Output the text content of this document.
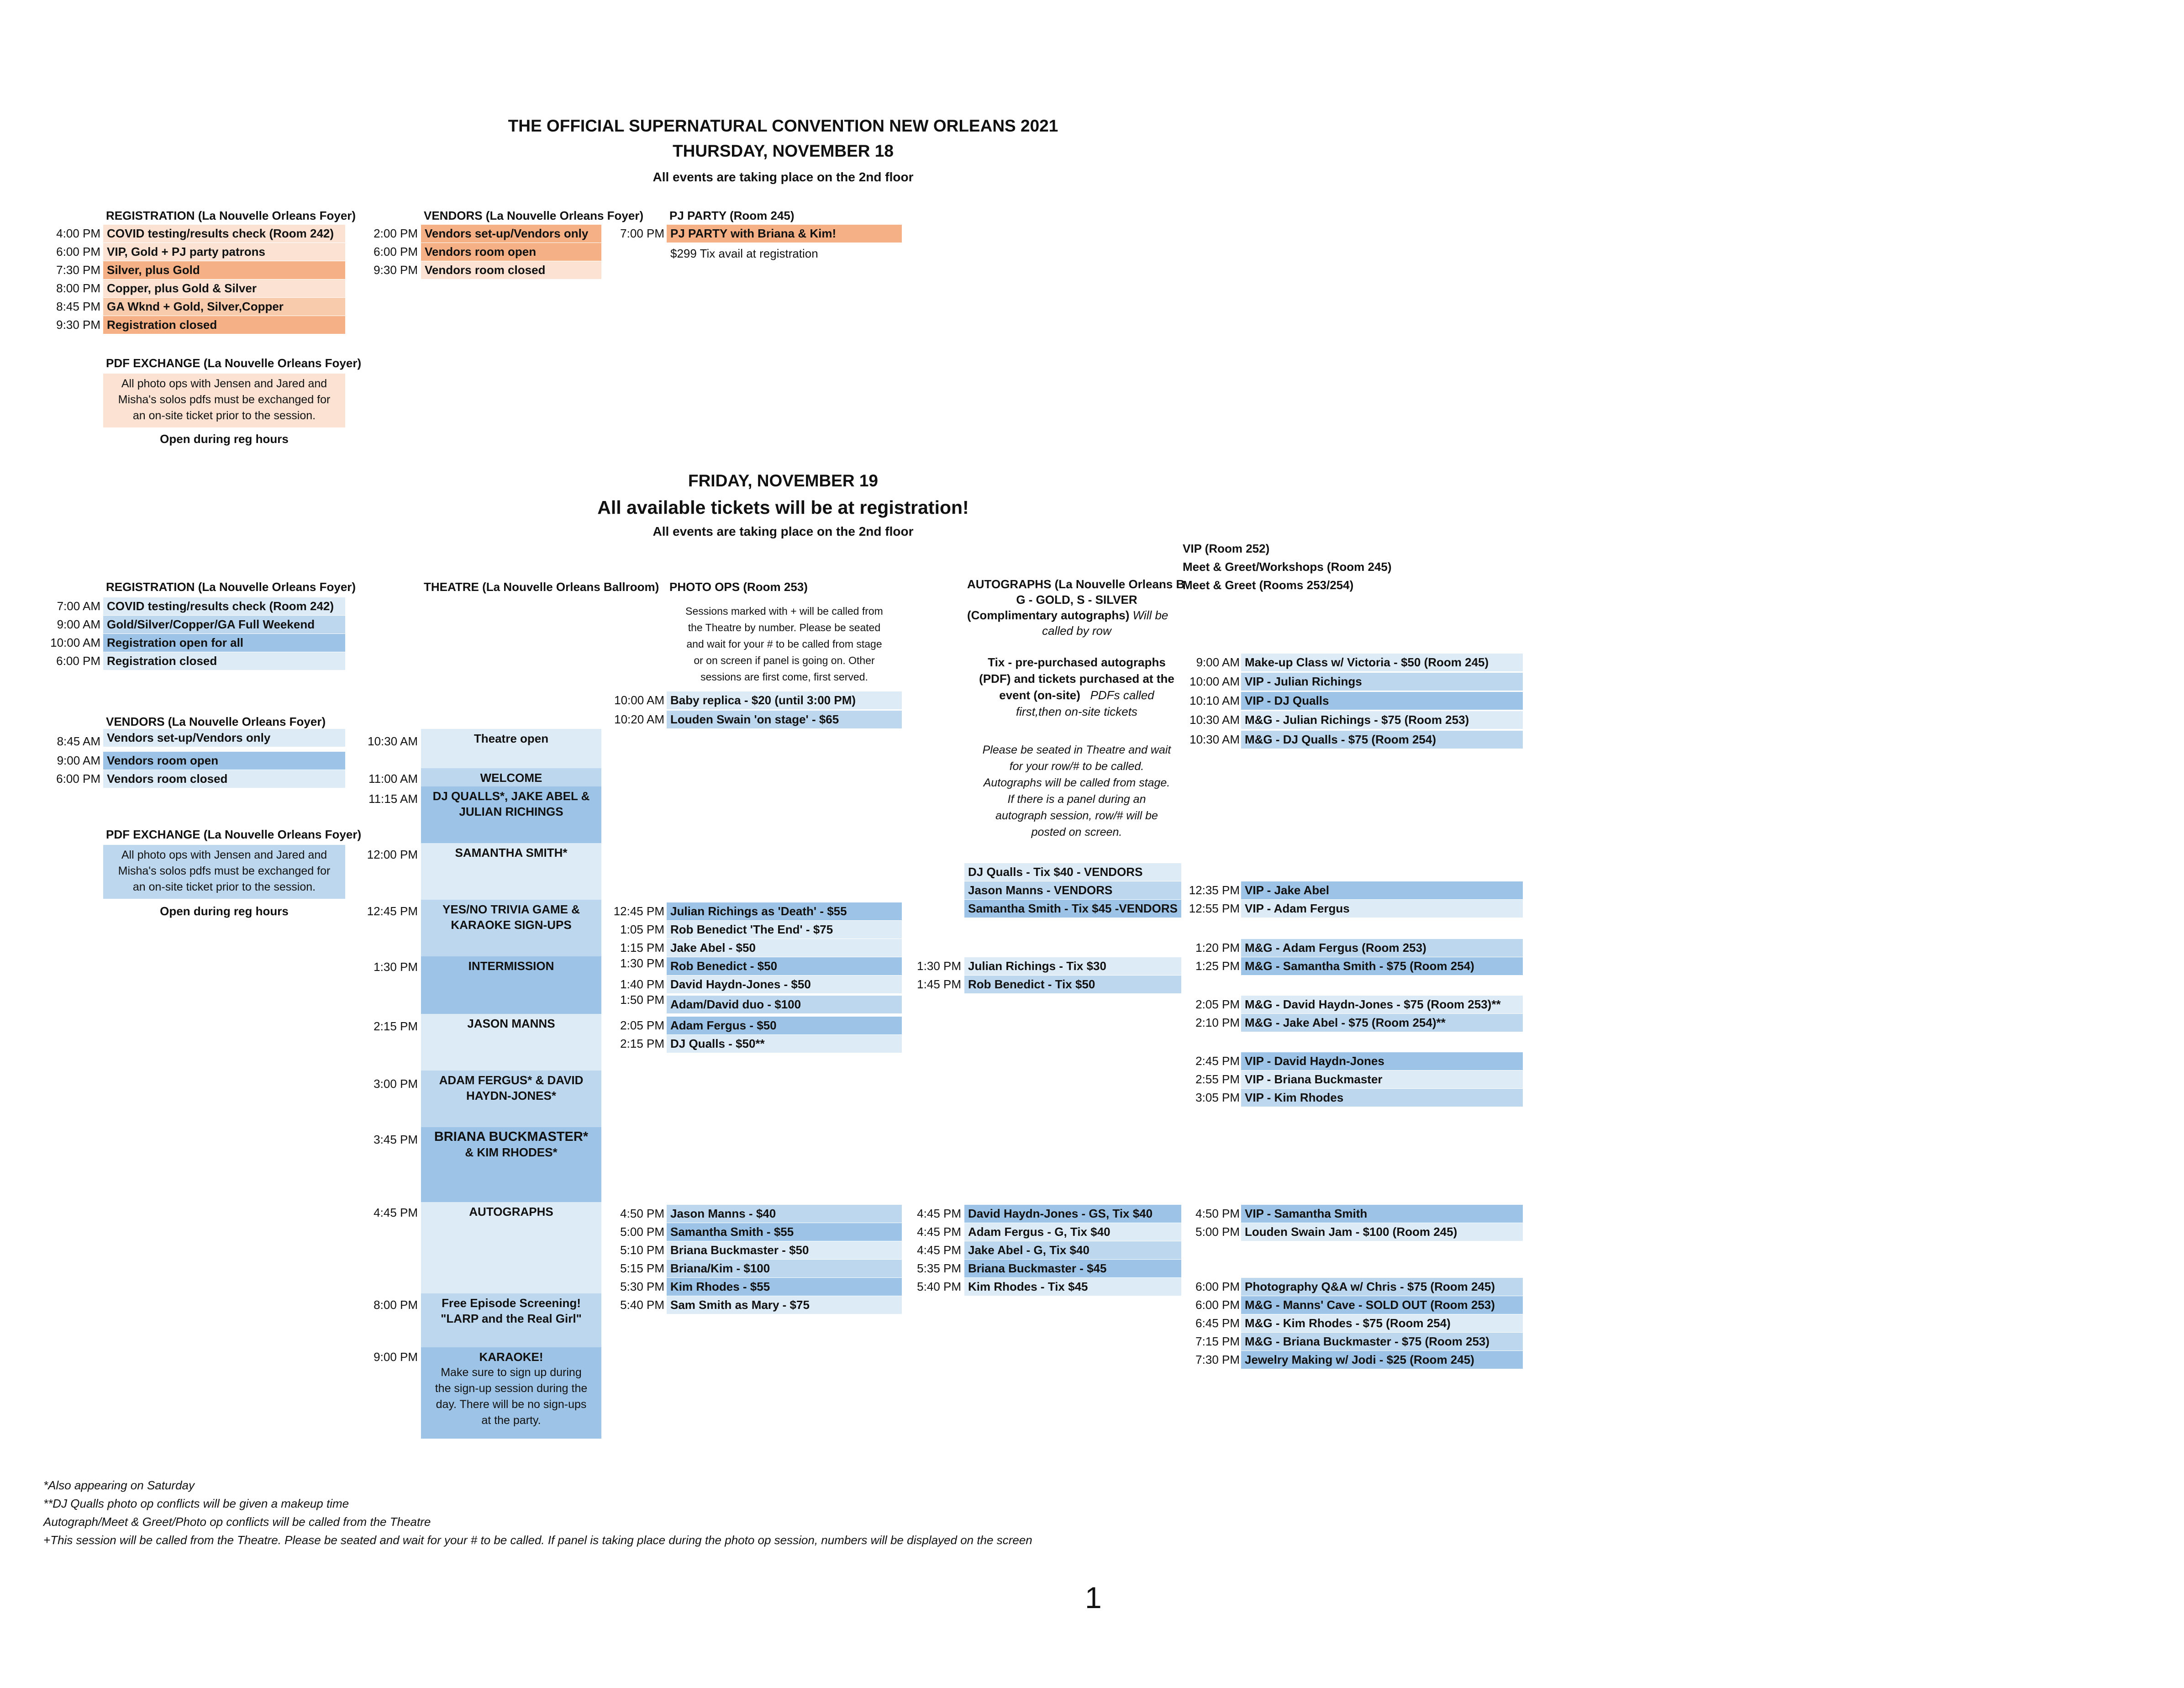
THE OFFICIAL SUPERNATURAL CONVENTION NEW ORLEANS 2021
THURSDAY, NOVEMBER 18
All events are taking place on the 2nd floor
REGISTRATION (La Nouvelle Orleans Foyer)
4:00 PM COVID testing/results check (Room 242)
6:00 PM VIP, Gold + PJ party patrons
7:30 PM Silver, plus Gold
8:00 PM Copper, plus Gold & Silver
8:45 PM GA Wknd + Gold, Silver,Copper
9:30 PM Registration closed
VENDORS (La Nouvelle Orleans Foyer)
2:00 PM Vendors set-up/Vendors only
6:00 PM Vendors room open
9:30 PM Vendors room closed
PJ PARTY (Room 245)
7:00 PM PJ PARTY with Briana & Kim!
$299 Tix avail at registration
PDF EXCHANGE (La Nouvelle Orleans Foyer)
All photo ops with Jensen and Jared and
Misha's solos pdfs must be exchanged for
an on-site ticket prior to the session.
Open during reg hours
FRIDAY, NOVEMBER 19
All available tickets will be at registration!
All events are taking place on the 2nd floor
REGISTRATION (La Nouvelle Orleans Foyer)
7:00 AM COVID testing/results check (Room 242)
9:00 AM Gold/Silver/Copper/GA Full Weekend
10:00 AM Registration open for all
6:00 PM Registration closed
VENDORS (La Nouvelle Orleans Foyer)
8:45 AM Vendors set-up/Vendors only
9:00 AM Vendors room open
6:00 PM Vendors room closed
PDF EXCHANGE (La Nouvelle Orleans Foyer)
All photo ops with Jensen and Jared and
Misha's solos pdfs must be exchanged for
an on-site ticket prior to the session.
Open during reg hours
THEATRE (La Nouvelle Orleans Ballroom)
10:30 AM	Theatre open
11:00 AM	WELCOME
11:15 AM	DJ QUALLS*, JAKE ABEL &
JULIAN RICHINGS
12:00 PM	SAMANTHA SMITH*
12:45 PM	YES/NO TRIVIA GAME &
KARAOKE SIGN-UPS
1:30 PM	INTERMISSION
2:15 PM	JASON MANNS
3:00 PM	ADAM FERGUS* & DAVID
HAYDN-JONES*
3:45 PM	BRIANA BUCKMASTER*
& KIM RHODES*
4:45 PM	AUTOGRAPHS
8:00 PM	Free Episode Screening!
"LARP and the Real Girl"
9:00 PM	KARAOKE!
Make sure to sign up during
the sign-up session during the
day. There will be no sign-ups
at the party.
PHOTO OPS (Room 253)
Sessions marked with + will be called from
the Theatre by number. Please be seated
and wait for your # to be called from stage
or on screen if panel is going on. Other
sessions are first come, first served.
10:00 AM Baby replica - $20 (until 3:00 PM)
10:20 AM Louden Swain 'on stage' - $65
12:45 PM Julian Richings as 'Death' - $55
1:05 PM Rob Benedict 'The End' - $75
1:15 PM Jake Abel - $50
1:30 PM Rob Benedict - $50
1:40 PM David Haydn-Jones - $50
1:50 PM Adam/David duo - $100
2:05 PM Adam Fergus - $50
2:15 PM DJ Qualls - $50**
4:50 PM Jason Manns - $40
5:00 PM Samantha Smith - $55
5:10 PM Briana Buckmaster - $50
5:15 PM Briana/Kim - $100
5:30 PM Kim Rhodes - $55
5:40 PM Sam Smith as Mary - $75
AUTOGRAPHS (La Nouvelle Orleans B
G - GOLD, S - SILVER
(Complimentary autographs) Will be
called by row
Tix - pre-purchased autographs
(PDF) and tickets purchased at the
event (on-site) PDFs called
first,then on-site tickets
Please be seated in Theatre and wait
for your row/# to be called.
Autographs will be called from stage.
If there is a panel during an
autograph session, row/# will be
posted on screen.
DJ Qualls - Tix $40 - VENDORS
Jason Manns - VENDORS
Samantha Smith - Tix $45 -VENDORS
1:30 PM Julian Richings - Tix $30
1:45 PM Rob Benedict - Tix $50
4:45 PM David Haydn-Jones - GS, Tix $40
4:45 PM Adam Fergus - G, Tix $40
4:45 PM Jake Abel - G, Tix $40
5:35 PM Briana Buckmaster - $45
5:40 PM Kim Rhodes - Tix $45
VIP (Room 252)
Meet & Greet/Workshops (Room 245)
Meet & Greet (Rooms 253/254)
9:00 AM Make-up Class w/ Victoria - $50 (Room 245)
10:00 AM VIP - Julian Richings
10:10 AM VIP - DJ Qualls
10:30 AM M&G - Julian Richings - $75 (Room 253)
10:30 AM M&G - DJ Qualls - $75 (Room 254)
12:35 PM VIP - Jake Abel
12:55 PM VIP - Adam Fergus
1:20 PM M&G - Adam Fergus (Room 253)
1:25 PM M&G - Samantha Smith - $75 (Room 254)
2:05 PM M&G - David Haydn-Jones - $75 (Room 253)**
2:10 PM M&G - Jake Abel - $75 (Room 254)**
2:45 PM VIP - David Haydn-Jones
2:55 PM VIP - Briana Buckmaster
3:05 PM VIP - Kim Rhodes
4:50 PM VIP - Samantha Smith
5:00 PM Louden Swain Jam - $100 (Room 245)
6:00 PM Photography Q&A w/ Chris - $75 (Room 245)
6:00 PM M&G - Manns' Cave - SOLD OUT (Room 253)
6:45 PM M&G - Kim Rhodes - $75 (Room 254)
7:15 PM M&G - Briana Buckmaster - $75 (Room 253)
7:30 PM Jewelry Making w/ Jodi - $25 (Room 245)
*Also appearing on Saturday
**DJ Qualls photo op conflicts will be given a makeup time
Autograph/Meet & Greet/Photo op conflicts will be called from the Theatre
+This session will be called from the Theatre. Please be seated and wait for your # to be called. If panel is taking place during the photo op session, numbers will be displayed on the screen
1
